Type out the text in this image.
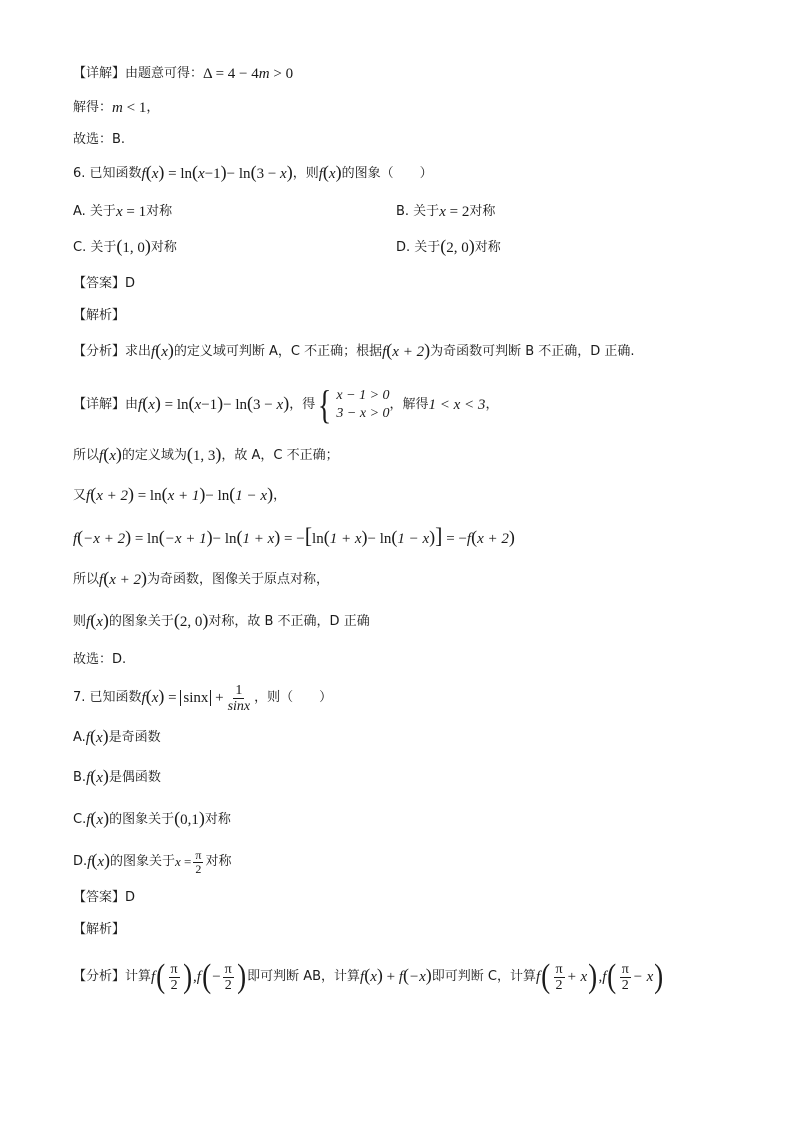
【详解】 由题意可得： Δ = 4 − 4m > 0
解得： m < 1 ，
故选：B.
6. 已知函数 f(x) = ln(x−1)− ln(3 − x) ，则 f(x) 的图象（　　）
A. 关于 x = 1 对称	B. 关于 x = 2 对称
C. 关于 (1, 0) 对称	D. 关于 (2, 0) 对称
【答案】 D
【解析】
【分析】 求出 f(x) 的定义域可判断 A，C 不正确；根据 f(x + 2) 为奇函数可判断 B 不正确，D 正确.
【详解】 由 f(x) = ln(x−1)− ln(3 − x) ，得 { x − 1 > 0
3 − x > 0
，解得 1 < x < 3 ，
所以 f(x) 的定义域为 (1, 3) ，故 A，C 不正确；
又 f(x + 2) = ln(x + 1)− ln(1 − x) ，
f(−x + 2) = ln(−x + 1)− ln(1 + x) = −[ln(1 + x)− ln(1 − x)] = −f(x + 2)
所以 f(x + 2) 为奇函数，图像关于原点对称，
则 f(x) 的图象关于 (2, 0) 对称，故 B 不正确，D 正确
故选：D.
7. 已知函数 $f(x) = \sin x + \frac{1}{\sin x}$ ，则（　　）
A. f(x) 是奇函数
B. f(x) 是偶函数
C. f(x) 的图象关于 (0,1) 对称
D. f(x) 的图象关于 $x = \frac{\pi}{2}$ 对称
【答案】 D
【解析】
【分析】 计算 f ( $\frac{\pi}{2}$ ) , f ( − $\frac{\pi}{2}$ ) 即可判断 AB，计算 f(x) + f(−x) 即可判断 C，计算 f ( $\frac{\pi}{2} + x$ ) , f ( $\frac{\pi}{2} - x$ )
